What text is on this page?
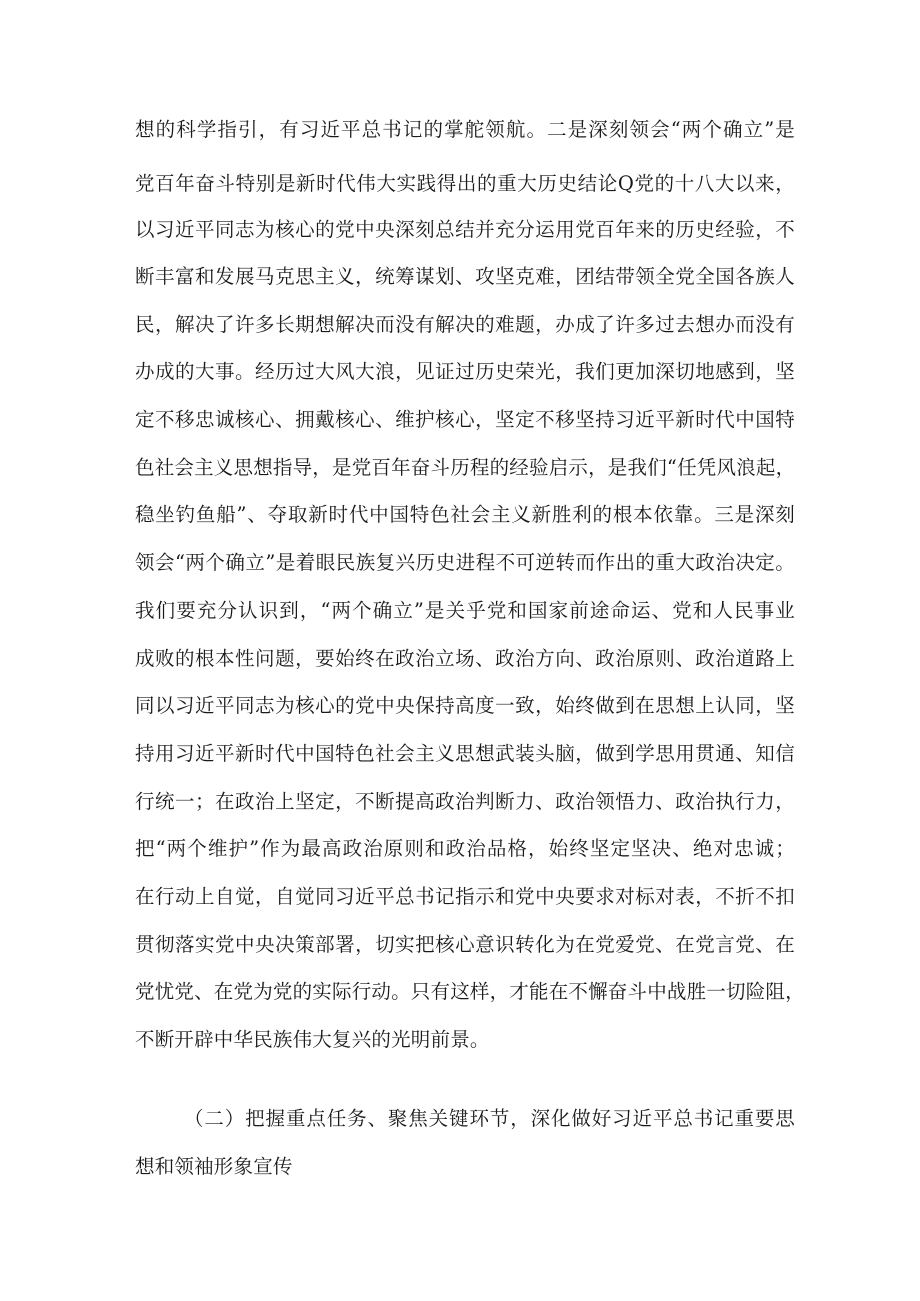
想的科学指引，有习近平总书记的掌舵领航。二是深刻领会“两个确立”是
党百年奋斗特别是新时代伟大实践得出的重大历史结论Q党的十八大以来，
以习近平同志为核心的党中央深刻总结并充分运用党百年来的历史经验，不
断丰富和发展马克思主义，统筹谋划、攻坚克难，团结带领全党全国各族人
民，解决了许多长期想解决而没有解决的难题，办成了许多过去想办而没有
办成的大事。经历过大风大浪，见证过历史荣光，我们更加深切地感到，坚
定不移忠诚核心、拥戴核心、维护核心，坚定不移坚持习近平新时代中国特
色社会主义思想指导，是党百年奋斗历程的经验启示，是我们“任凭风浪起，
稳坐钓鱼船”、夺取新时代中国特色社会主义新胜利的根本依靠。三是深刻
领会“两个确立”是着眼民族复兴历史进程不可逆转而作出的重大政治决定。
我们要充分认识到，“两个确立”是关乎党和国家前途命运、党和人民事业
成败的根本性问题，要始终在政治立场、政治方向、政治原则、政治道路上
同以习近平同志为核心的党中央保持高度一致，始终做到在思想上认同，坚
持用习近平新时代中国特色社会主义思想武装头脑，做到学思用贯通、知信
行统一；在政治上坚定，不断提高政治判断力、政治领悟力、政治执行力，
把“两个维护”作为最高政治原则和政治品格，始终坚定坚决、绝对忠诚；
在行动上自觉，自觉同习近平总书记指示和党中央要求对标对表，不折不扣
贯彻落实党中央决策部署，切实把核心意识转化为在党爱党、在党言党、在
党忧党、在党为党的实际行动。只有这样，才能在不懈奋斗中战胜一切险阻，
不断开辟中华民族伟大复兴的光明前景。
（二）把握重点任务、聚焦关键环节，深化做好习近平总书记重要思
想和领袖形象宣传
